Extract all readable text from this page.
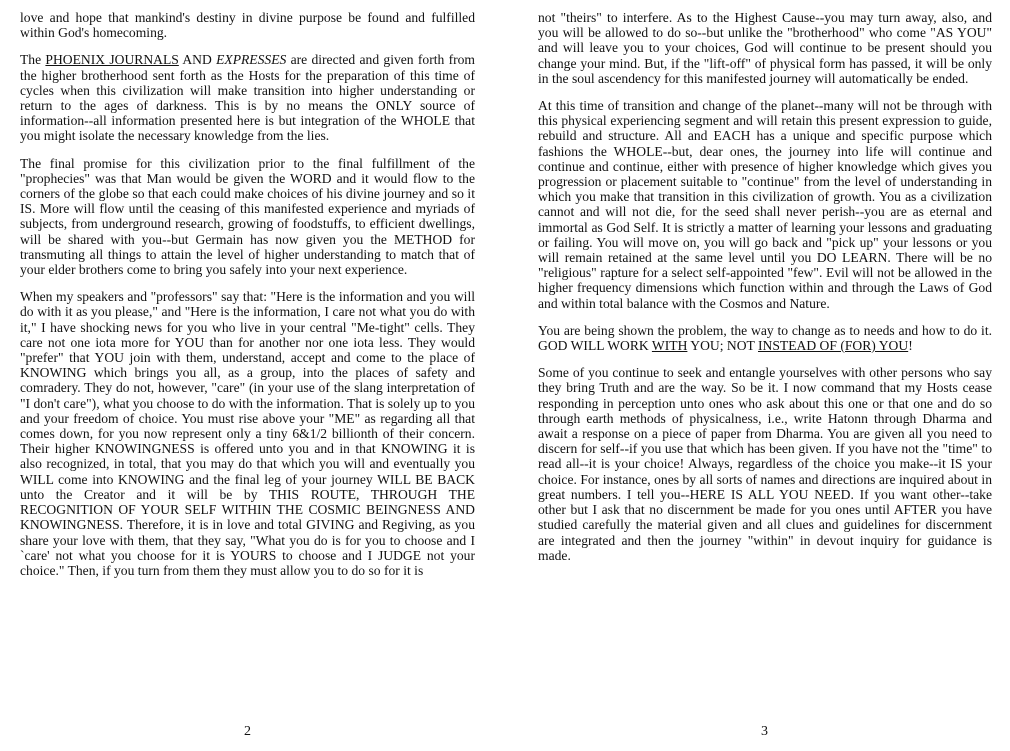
love and hope that mankind's destiny in divine purpose be found and fulfilled within God's homecoming.

The PHOENIX JOURNALS AND EXPRESSES are directed and given forth from the higher brotherhood sent forth as the Hosts for the preparation of this time of cycles when this civilization will make transition into higher understanding or return to the ages of darkness. This is by no means the ONLY source of information--all information presented here is but integration of the WHOLE that you might isolate the necessary knowledge from the lies.

The final promise for this civilization prior to the final fulfillment of the "prophecies" was that Man would be given the WORD and it would flow to the corners of the globe so that each could make choices of his divine journey and so it IS. More will flow until the ceasing of this manifested experience and myriads of subjects, from underground research, growing of foodstuffs, to efficient dwellings, will be shared with you--but Germain has now given you the METHOD for transmuting all things to attain the level of higher understanding to match that of your elder brothers come to bring you safely into your next experience.

When my speakers and "professors" say that: "Here is the information and you will do with it as you please," and "Here is the information, I care not what you do with it," I have shocking news for you who live in your central "Me-tight" cells. They care not one iota more for YOU than for another nor one iota less. They would "prefer" that YOU join with them, understand, accept and come to the place of KNOWING which brings you all, as a group, into the places of safety and comradery. They do not, however, "care" (in your use of the slang interpretation of "I don't care"), what you choose to do with the information. That is solely up to you and your freedom of choice. You must rise above your "ME" as regarding all that comes down, for you now represent only a tiny 6&1/2 billionth of their concern. Their higher KNOWINGNESS is offered unto you and in that KNOWING it is also recognized, in total, that you may do that which you will and eventually you WILL come into KNOWING and the final leg of your journey WILL BE BACK unto the Creator and it will be by THIS ROUTE, THROUGH THE RECOGNITION OF YOUR SELF WITHIN THE COSMIC BEINGNESS AND KNOWINGNESS. Therefore, it is in love and total GIVING and Regiving, as you share your love with them, that they say, "What you do is for you to choose and I `care' not what you choose for it is YOURS to choose and I JUDGE not your choice." Then, if you turn from them they must allow you to do so for it is

not "theirs" to interfere. As to the Highest Cause--you may turn away, also, and you will be allowed to do so--but unlike the "brotherhood" who come "AS YOU" and will leave you to your choices, God will continue to be present should you change your mind. But, if the "lift-off" of physical form has passed, it will be only in the soul ascendency for this manifested journey will automatically be ended.

At this time of transition and change of the planet--many will not be through with this physical experiencing segment and will retain this present expression to guide, rebuild and structure. All and EACH has a unique and specific purpose which fashions the WHOLE--but, dear ones, the journey into life will continue and continue and continue, either with presence of higher knowledge which gives you progression or placement suitable to "continue" from the level of understanding in which you make that transition in this civilization of growth. You as a civilization cannot and will not die, for the seed shall never perish--you are as eternal and immortal as God Self. It is strictly a matter of learning your lessons and graduating or failing. You will move on, you will go back and "pick up" your lessons or you will remain retained at the same level until you DO LEARN. There will be no "religious" rapture for a select self-appointed "few". Evil will not be allowed in the higher frequency dimensions which function within and through the Laws of God and within total balance with the Cosmos and Nature.

You are being shown the problem, the way to change as to needs and how to do it. GOD WILL WORK WITH YOU; NOT INSTEAD OF (FOR) YOU!

Some of you continue to seek and entangle yourselves with other persons who say they bring Truth and are the way. So be it. I now command that my Hosts cease responding in perception unto ones who ask about this one or that one and do so through earth methods of physicalness, i.e., write Hatonn through Dharma and await a response on a piece of paper from Dharma. You are given all you need to discern for self--if you use that which has been given. If you have not the "time" to read all--it is your choice! Always, regardless of the choice you make--it IS your choice. For instance, ones by all sorts of names and directions are inquired about in great numbers. I tell you--HERE IS ALL YOU NEED. If you want other--take other but I ask that no discernment be made for you ones until AFTER you have studied carefully the material given and all clues and guidelines for discernment are integrated and then the journey "within" in devout inquiry for guidance is made.

2	3
